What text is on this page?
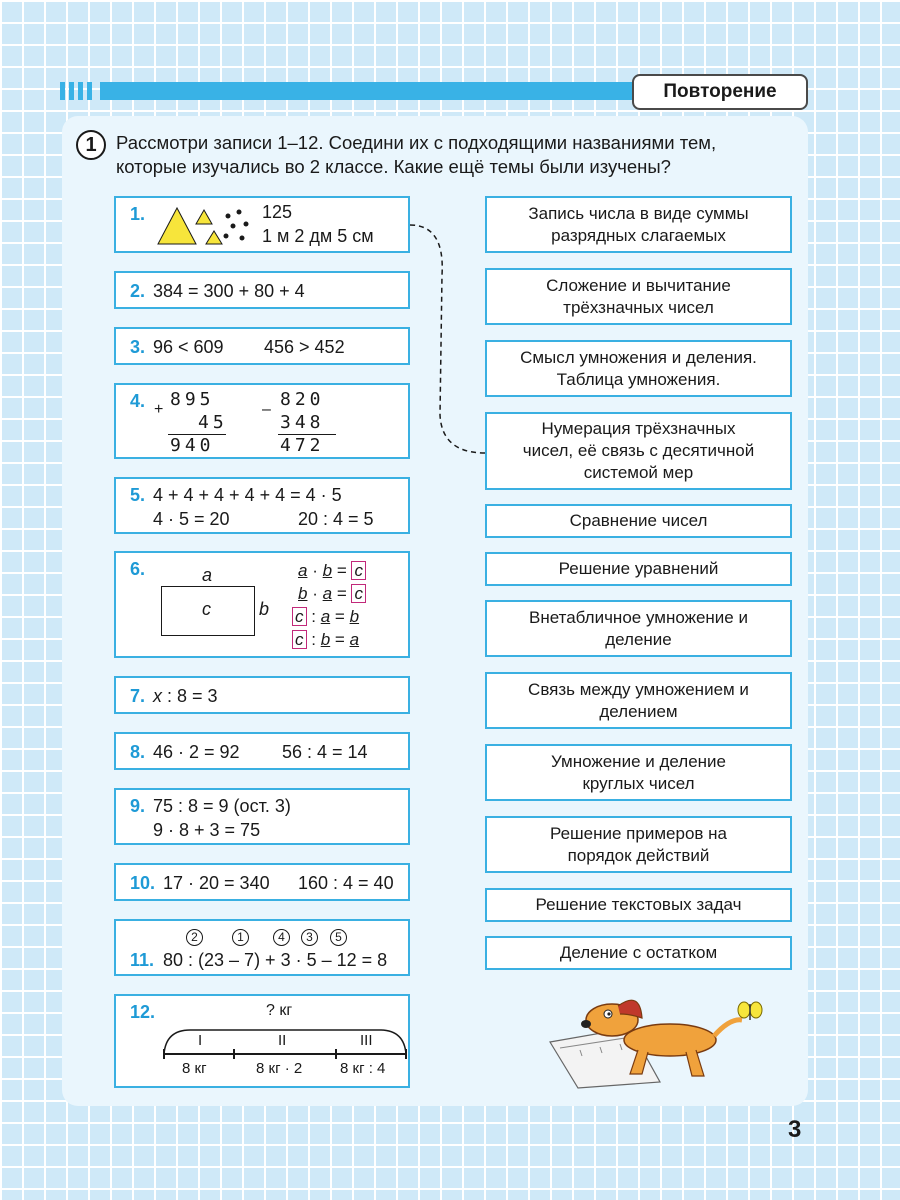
Повторение
1	Рассмотри записи 1–12. Соедини их с подходящими названиями тем,
которые изучались во 2 классе. Какие ещё темы были изучены?
1.	125
1 м 2 дм 5 см
2. 384 = 300 + 80 + 4
3. 96 < 609 456 > 452
4. + 895
45
940
– 820
348
472
5. 4 + 4 + 4 + 4 + 4 = 4 · 5
4 · 5 = 20	20 : 4 = 5
6.	a
c	b
a · b = c
b · a = c
c : a = b
c : b = a
7. x : 8 = 3
8. 46 · 2 = 92 56 : 4 = 14
9. 75 : 8 = 9 (ост. 3)
9 · 8 + 3 = 75
10. 17 · 20 = 340 160 : 4 = 40
2	1	4	3	5
11. 80 : (23 – 7) + 3 · 5 – 12 = 8
12.	? кг
I	II	III
8 кг	8 кг · 2	8 кг : 4
Запись числа в виде суммы
разрядных слагаемых
Сложение и вычитание
трёхзначных чисел
Смысл умножения и деления.
Таблица умножения.
Нумерация трёхзначных
чисел, её связь с десятичной
системой мер
Сравнение чисел
Решение уравнений
Внетабличное умножение и
деление
Связь между умножением и
делением
Умножение и деление
круглых чисел
Решение примеров на
порядок действий
Решение текстовых задач
Деление с остатком
3
